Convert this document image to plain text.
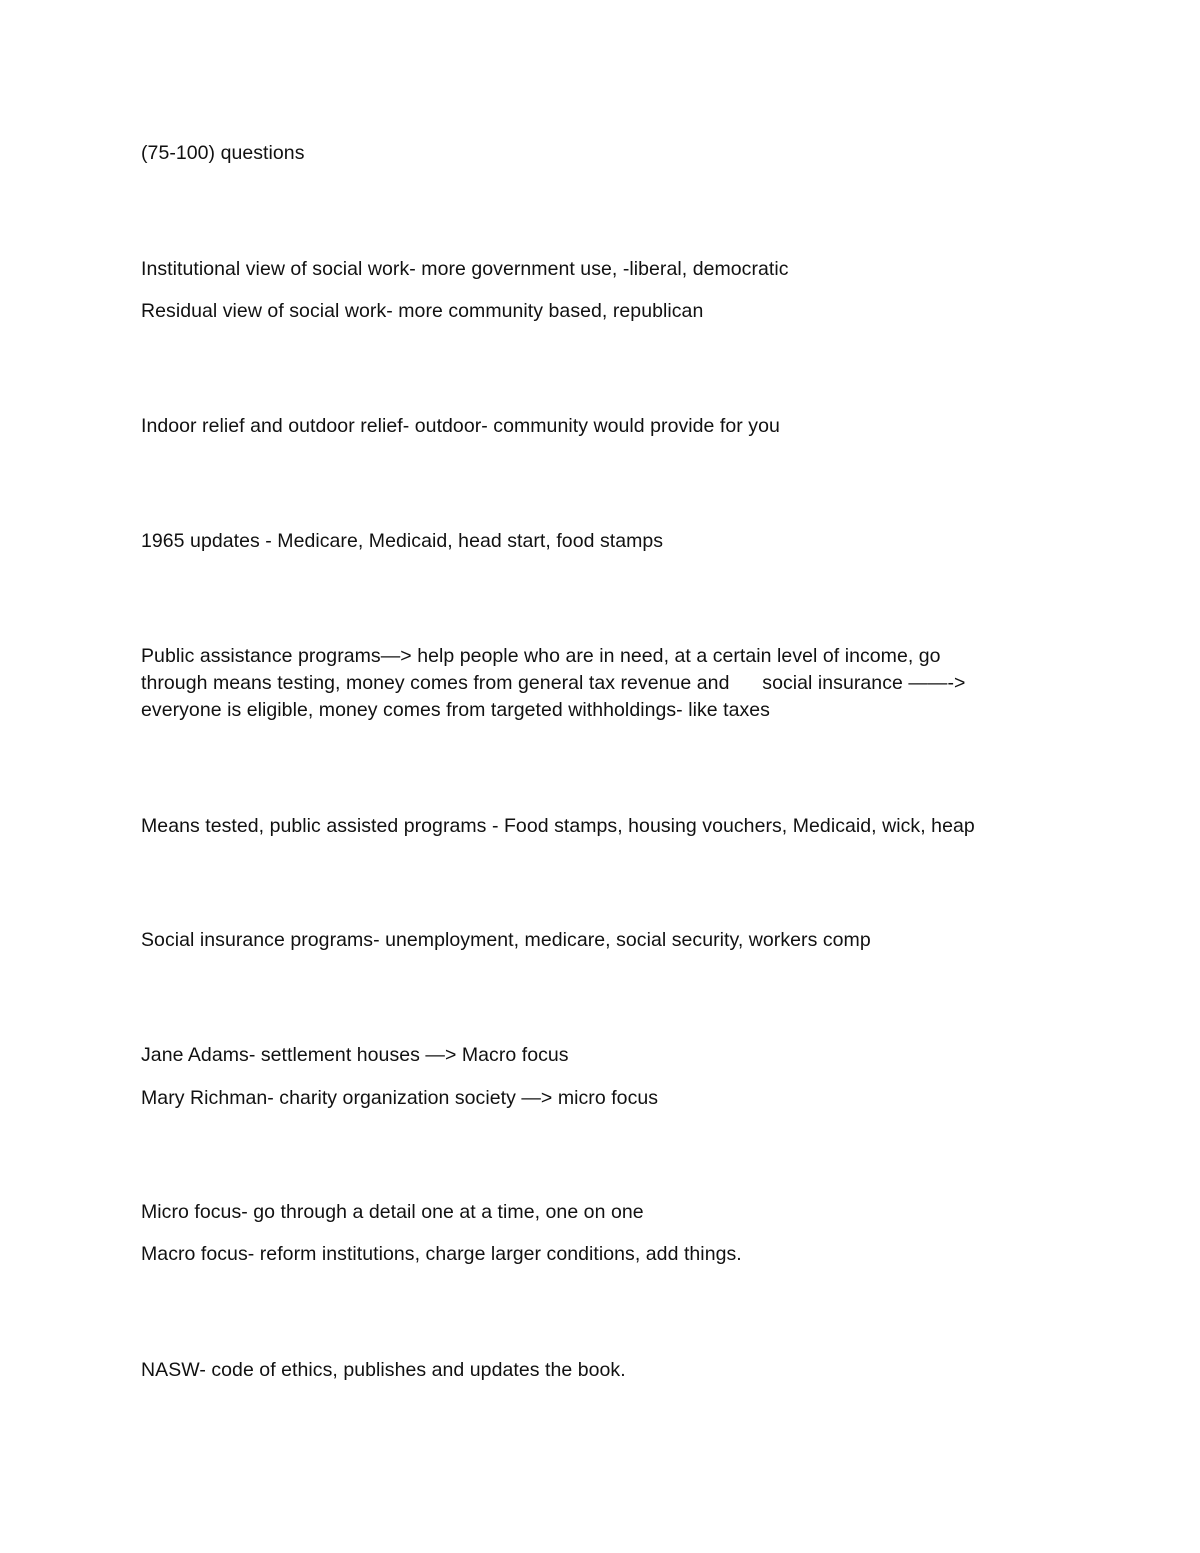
(75-100) questions
Institutional view of social work- more government use, -liberal, democratic
Residual view of social work- more community based, republican
Indoor relief and outdoor relief- outdoor- community would provide for you
1965 updates - Medicare, Medicaid, head start, food stamps
Public assistance programs—> help people who are in need, at a certain level of income, go
through means testing, money comes from general tax revenue and      social insurance ——->
everyone is eligible, money comes from targeted withholdings- like taxes
Means tested, public assisted programs - Food stamps, housing vouchers, Medicaid, wick, heap
Social insurance programs- unemployment, medicare, social security, workers comp
Jane Adams- settlement houses —> Macro focus
Mary Richman- charity organization society —> micro focus
Micro focus- go through a detail one at a time, one on one
Macro focus- reform institutions, charge larger conditions, add things.
NASW- code of ethics, publishes and updates the book.
